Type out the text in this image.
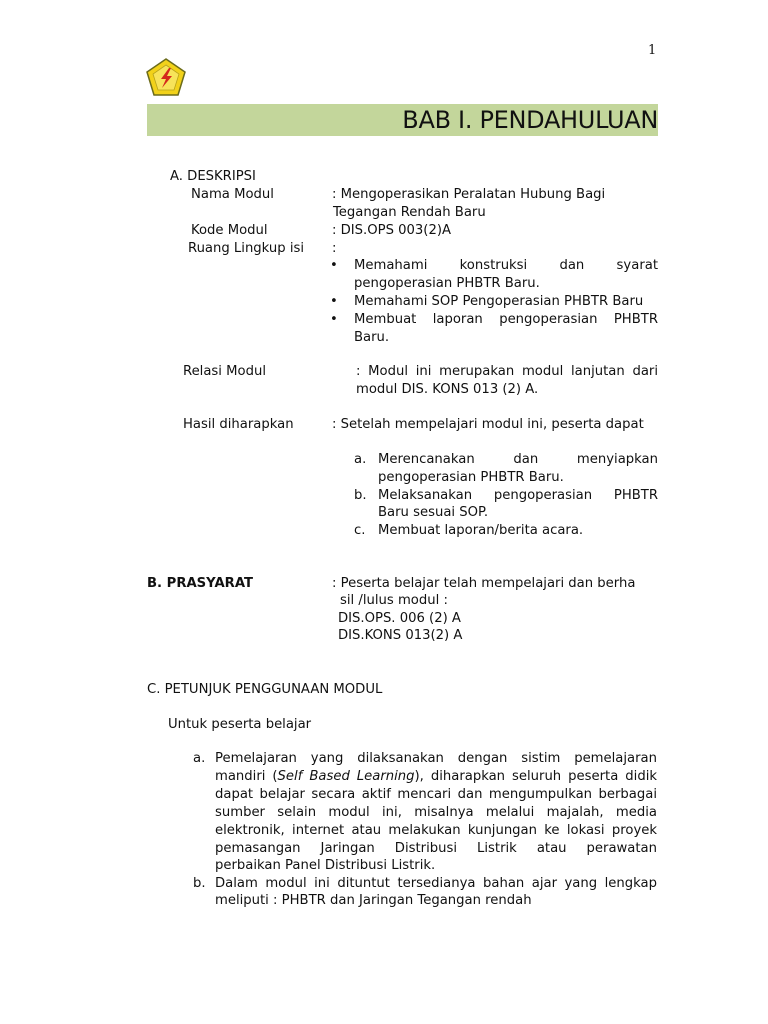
1
BAB I. PENDAHULUAN
A. DESKRIPSI
Nama Modul	: Mengoperasikan Peralatan Hubung Bagi
Tegangan Rendah Baru
Kode Modul	: DIS.OPS 003(2)A
Ruang Lingkup isi :
• Memahami konstruksi dan syarat
pengoperasian PHBTR Baru.
• Memahami SOP Pengoperasian PHBTR Baru
• Membuat laporan pengoperasian PHBTR
Baru.
Relasi Modul	: Modul ini merupakan modul lanjutan dari
modul DIS. KONS 013 (2) A.
Hasil diharapkan	: Setelah mempelajari modul ini, peserta dapat
a. Merencanakan dan menyiapkan
pengoperasian PHBTR Baru.
b. Melaksanakan pengoperasian PHBTR
Baru sesuai SOP.
c. Membuat laporan/berita acara.
B. PRASYARAT	: Peserta belajar telah mempelajari dan berha
sil /lulus modul :
DIS.OPS. 006 (2) A
DIS.KONS 013(2) A
C. PETUNJUK PENGGUNAAN MODUL
Untuk peserta belajar
a. Pemelajaran yang dilaksanakan dengan sistim pemelajaran
mandiri (Self Based Learning), diharapkan seluruh peserta didik
dapat belajar secara aktif mencari dan mengumpulkan berbagai
sumber selain modul ini, misalnya melalui majalah, media
elektronik, internet atau melakukan kunjungan ke lokasi proyek
pemasangan Jaringan Distribusi Listrik atau perawatan
perbaikan Panel Distribusi Listrik.
b. Dalam modul ini dituntut tersedianya bahan ajar yang lengkap
meliputi : PHBTR dan Jaringan Tegangan rendah
